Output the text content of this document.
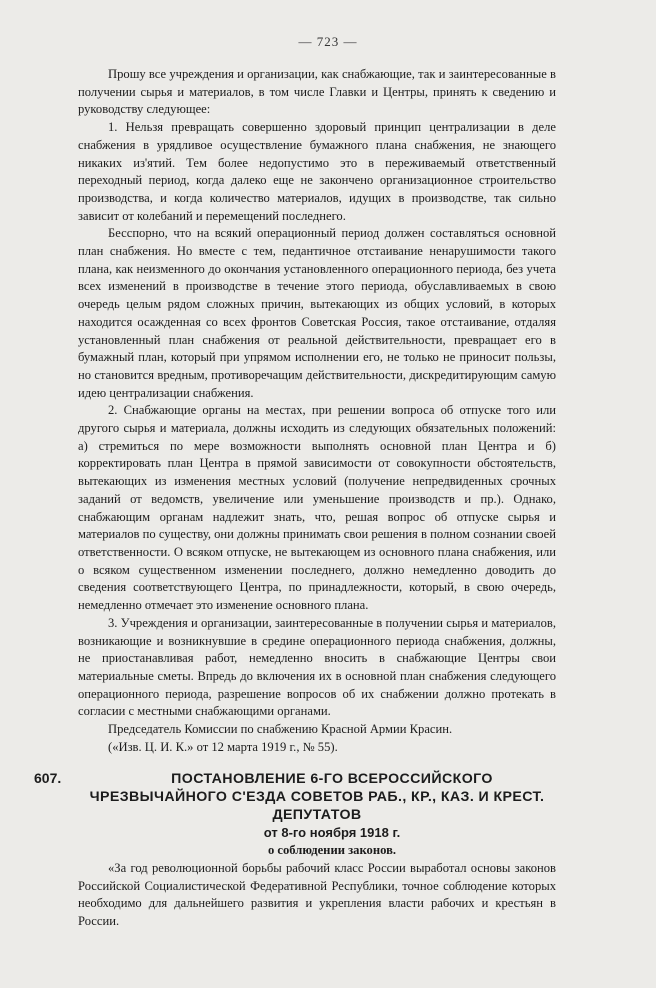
— 723 —

Прошу все учреждения и организации, как снабжающие, так и заинтересованные в получении сырья и материалов, в том числе Главки и Центры, принять к сведению и руководству следующее:

1. Нельзя превращать совершенно здоровый принцип централизации в деле снабжения в урядливое осуществление бумажного плана снабжения, не знающего никаких из'ятий. Тем более недопустимо это в переживаемый ответственный переходный период, когда далеко еще не закончено организационное строительство производства, и когда количество материалов, идущих в производстве, так сильно зависит от колебаний и перемещений последнего.

Бесспорно, что на всякий операционный период должен составляться основной план снабжения. Но вместе с тем, педантичное отстаивание ненарушимости такого плана, как неизменного до окончания установленного операционного периода, без учета всех изменений в производстве в течение этого периода, обуславливаемых в свою очередь целым рядом сложных причин, вытекающих из общих условий, в которых находится осажденная со всех фронтов Советская Россия, такое отстаивание, отдаляя установленный план снабжения от реальной действительности, превращает его в бумажный план, который при упрямом исполнении его, не только не приносит пользы, но становится вредным, противоречащим действительности, дискредитирующим самую идею централизации снабжения.

2. Снабжающие органы на местах, при решении вопроса об отпуске того или другого сырья и материала, должны исходить из следующих обязательных положений: а) стремиться по мере возможности выполнять основной план Центра и б) корректировать план Центра в прямой зависимости от совокупности обстоятельств, вытекающих из изменения местных условий (получение непредвиденных срочных заданий от ведомств, увеличение или уменьшение производств и пр.). Однако, снабжающим органам надлежит знать, что, решая вопрос об отпуске сырья и материалов по существу, они должны принимать свои решения в полном сознании своей ответственности. О всяком отпуске, не вытекающем из основного плана снабжения, или о всяком существенном изменении последнего, должно немедленно доводить до сведения соответствующего Центра, по принадлежности, который, в свою очередь, немедленно отмечает это изменение основного плана.

3. Учреждения и организации, заинтересованные в получении сырья и материалов, возникающие и возникнувшие в средине операционного периода снабжения, должны, не приостанавливая работ, немедленно вносить в снабжающие Центры свои материальные сметы. Впредь до включения их в основной план снабжения следующего операционного периода, разрешение вопросов об их снабжении должно протекать в согласии с местными снабжающими органами.

Председатель Комиссии по снабжению Красной Армии Красин.

(«Изв. Ц. И. К.» от 12 марта 1919 г., № 55).

607.	ПОСТАНОВЛЕНИЕ 6-ГО ВСЕРОССИЙСКОГО ЧРЕЗВЫЧАЙНОГО С'ЕЗДА СОВЕТОВ РАБ., КР., КАЗ. И КРЕСТ. ДЕПУТАТОВ

от 8-го ноября 1918 г.

о соблюдении законов.

«За год революционной борьбы рабочий класс России выработал основы законов Российской Социалистической Федеративной Республики, точное соблюдение которых необходимо для дальнейшего развития и укрепления власти рабочих и крестьян в России.
